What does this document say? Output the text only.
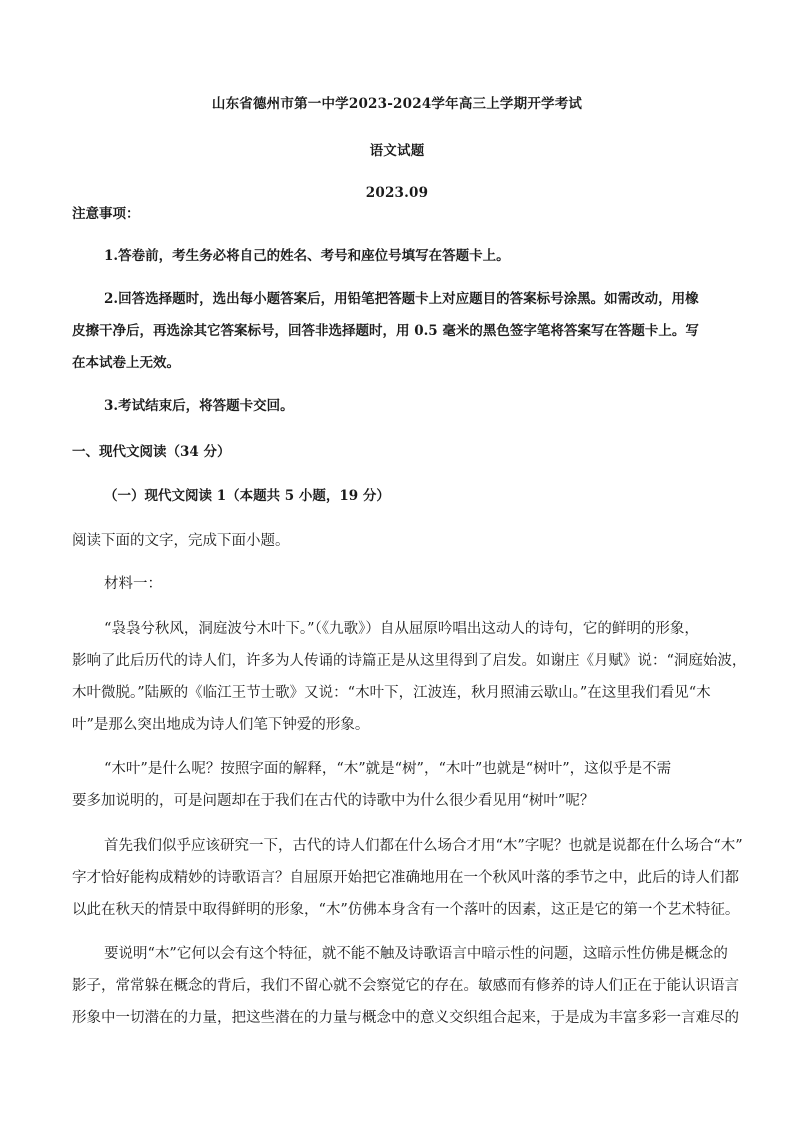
山东省德州市第一中学2023-2024学年高三上学期开学考试
语文试题
2023.09
注意事项：
1.答卷前，考生务必将自己的姓名、考号和座位号填写在答题卡上。
2.回答选择题时，选出每小题答案后，用铅笔把答题卡上对应题目的答案标号涂黑。如需改动，用橡
皮擦干净后，再选涂其它答案标号，回答非选择题时，用 0.5 毫米的黑色签字笔将答案写在答题卡上。写
在本试卷上无效。
3.考试结束后，将答题卡交回。
一、现代文阅读（34 分）
（一）现代文阅读 1（本题共 5 小题，19 分）
阅读下面的文字，完成下面小题。
材料一：
“袅袅兮秋风，洞庭波兮木叶下。”（《九歌》）自从屈原吟唱出这动人的诗句，它的鲜明的形象，
影响了此后历代的诗人们，许多为人传诵的诗篇正是从这里得到了启发。如谢庄《月赋》说：“洞庭始波，
木叶微脱。”陆厥的《临江王节士歌》又说：“木叶下，江波连，秋月照浦云歇山。”在这里我们看见“木
叶”是那么突出地成为诗人们笔下钟爱的形象。
“木叶”是什么呢？按照字面的解释，“木”就是“树”，“木叶”也就是“树叶”，这似乎是不需
要多加说明的，可是问题却在于我们在古代的诗歌中为什么很少看见用“树叶”呢？
首先我们似乎应该研究一下，古代的诗人们都在什么场合才用“木”字呢？也就是说都在什么场合“木”
字才恰好能构成精妙的诗歌语言？自屈原开始把它准确地用在一个秋风叶落的季节之中，此后的诗人们都
以此在秋天的情景中取得鲜明的形象，“木”仿佛本身含有一个落叶的因素，这正是它的第一个艺术特征。
要说明“木”它何以会有这个特征，就不能不触及诗歌语言中暗示性的问题，这暗示性仿佛是概念的
影子，常常躲在概念的背后，我们不留心就不会察觉它的存在。敏感而有修养的诗人们正在于能认识语言
形象中一切潜在的力量，把这些潜在的力量与概念中的意义交织组合起来，于是成为丰富多彩一言难尽的
